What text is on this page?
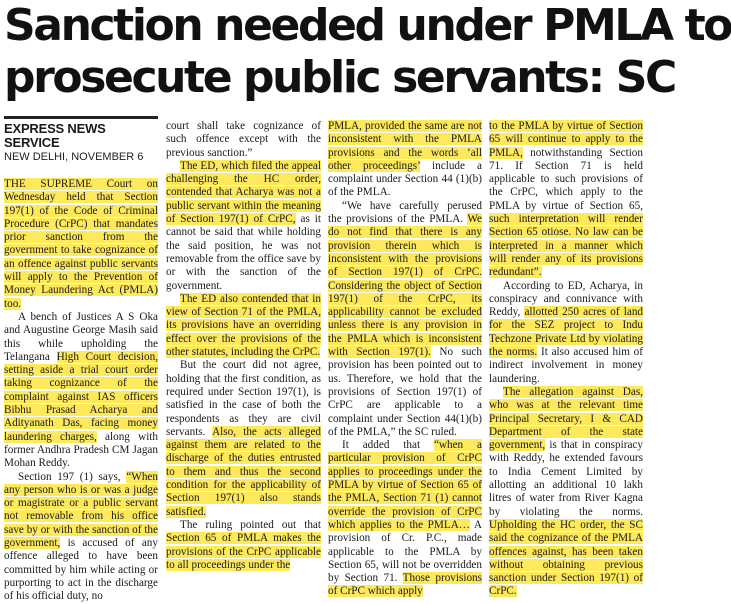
Sanction needed under PMLA to
prosecute public servants: SC
EXPRESS NEWS SERVICE
NEW DELHI, NOVEMBER 6

THE SUPREME Court on Wednesday held that Section 197(1) of the Code of Criminal Procedure (CrPC) that mandates prior sanction from the government to take cognizance of an offence against public servants will apply to the Prevention of Money Laundering Act (PMLA) too.

A bench of Justices A S Oka and Augustine George Masih said this while upholding the Telangana High Court decision, setting aside a trial court order taking cognizance of the complaint against IAS officers Bibhu Prasad Acharya and Adityanath Das, facing money laundering charges, along with former Andhra Pradesh CM Jagan Mohan Reddy.

Section 197 (1) says, “When any person who is or was a judge or magistrate or a public servant not removable from his office save by or with the sanction of the government, is accused of any offence alleged to have been committed by him while acting or purporting to act in the discharge of his official duty, no

court shall take cognizance of such offence except with the previous sanction.”

The ED, which filed the appeal challenging the HC order, contended that Acharya was not a public servant within the meaning of Section 197(1) of CrPC, as it cannot be said that while holding the said position, he was not removable from the office save by or with the sanction of the government.

The ED also contended that in view of Section 71 of the PMLA, its provisions have an overriding effect over the provisions of the other statutes, including the CrPC.

But the court did not agree, holding that the first condition, as required under Section 197(1), is satisfied in the case of both the respondents as they are civil servants. Also, the acts alleged against them are related to the discharge of the duties entrusted to them and thus the second condition for the applicability of Section 197(1) also stands satisfied.

The ruling pointed out that Section 65 of PMLA makes the provisions of the CrPC applicable to all proceedings under the

PMLA, provided the same are not inconsistent with the PMLA provisions and the words ‘all other proceedings’ include a complaint under Section 44 (1)(b) of the PMLA.

“We have carefully perused the provisions of the PMLA. We do not find that there is any provision therein which is inconsistent with the provisions of Section 197(1) of CrPC. Considering the object of Section 197(1) of the CrPC, its applicability cannot be excluded unless there is any provision in the PMLA which is inconsistent with Section 197(1). No such provision has been pointed out to us. Therefore, we hold that the provisions of Section 197(1) of CrPC are applicable to a complaint under Section 44(1)(b) of the PMLA,” the SC ruled.

It added that “when a particular provision of CrPC applies to proceedings under the PMLA by virtue of Section 65 of the PMLA, Section 71 (1) cannot override the provision of CrPC which applies to the PMLA… A provision of Cr. P.C., made applicable to the PMLA by Section 65, will not be overridden by Section 71. Those provisions of CrPC which apply

to the PMLA by virtue of Section 65 will continue to apply to the PMLA, notwithstanding Section 71. If Section 71 is held applicable to such provisions of the CrPC, which apply to the PMLA by virtue of Section 65, such interpretation will render Section 65 otiose. No law can be interpreted in a manner which will render any of its provisions redundant”.

According to ED, Acharya, in conspiracy and connivance with Reddy, allotted 250 acres of land for the SEZ project to Indu Techzone Private Ltd by violating the norms. It also accused him of indirect involvement in money laundering.

The allegation against Das, who was at the relevant time Principal Secretary, I & CAD Department of the state government, is that in conspiracy with Reddy, he extended favours to India Cement Limited by allotting an additional 10 lakh litres of water from River Kagna by violating the norms. Upholding the HC order, the SC said the cognizance of the PMLA offences against, has been taken without obtaining previous sanction under Section 197(1) of CrPC.
